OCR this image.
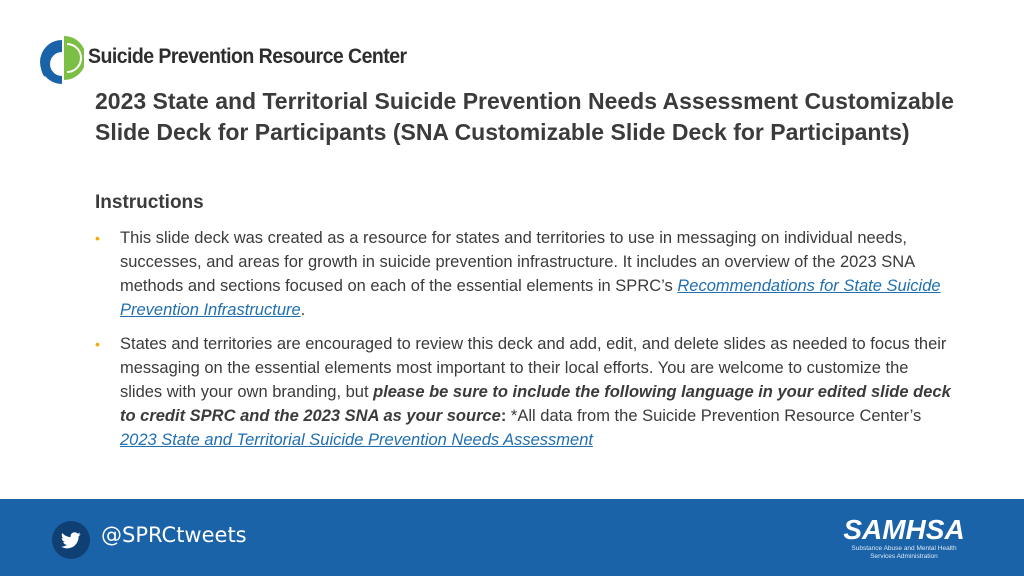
Suicide Prevention Resource Center
2023 State and Territorial Suicide Prevention Needs Assessment Customizable Slide Deck for Participants (SNA Customizable Slide Deck for Participants)
Instructions
• This slide deck was created as a resource for states and territories to use in messaging on individual needs, successes, and areas for growth in suicide prevention infrastructure. It includes an overview of the 2023 SNA methods and sections focused on each of the essential elements in SPRC’s Recommendations for State Suicide Prevention Infrastructure.
• States and territories are encouraged to review this deck and add, edit, and delete slides as needed to focus their messaging on the essential elements most important to their local efforts. You are welcome to customize the slides with your own branding, but please be sure to include the following language in your edited slide deck to credit SPRC and the 2023 SNA as your source: *All data from the Suicide Prevention Resource Center’s 2023 State and Territorial Suicide Prevention Needs Assessment
@SPRCtweets	SAMHSA
Substance Abuse and Mental Health
Services Administration
